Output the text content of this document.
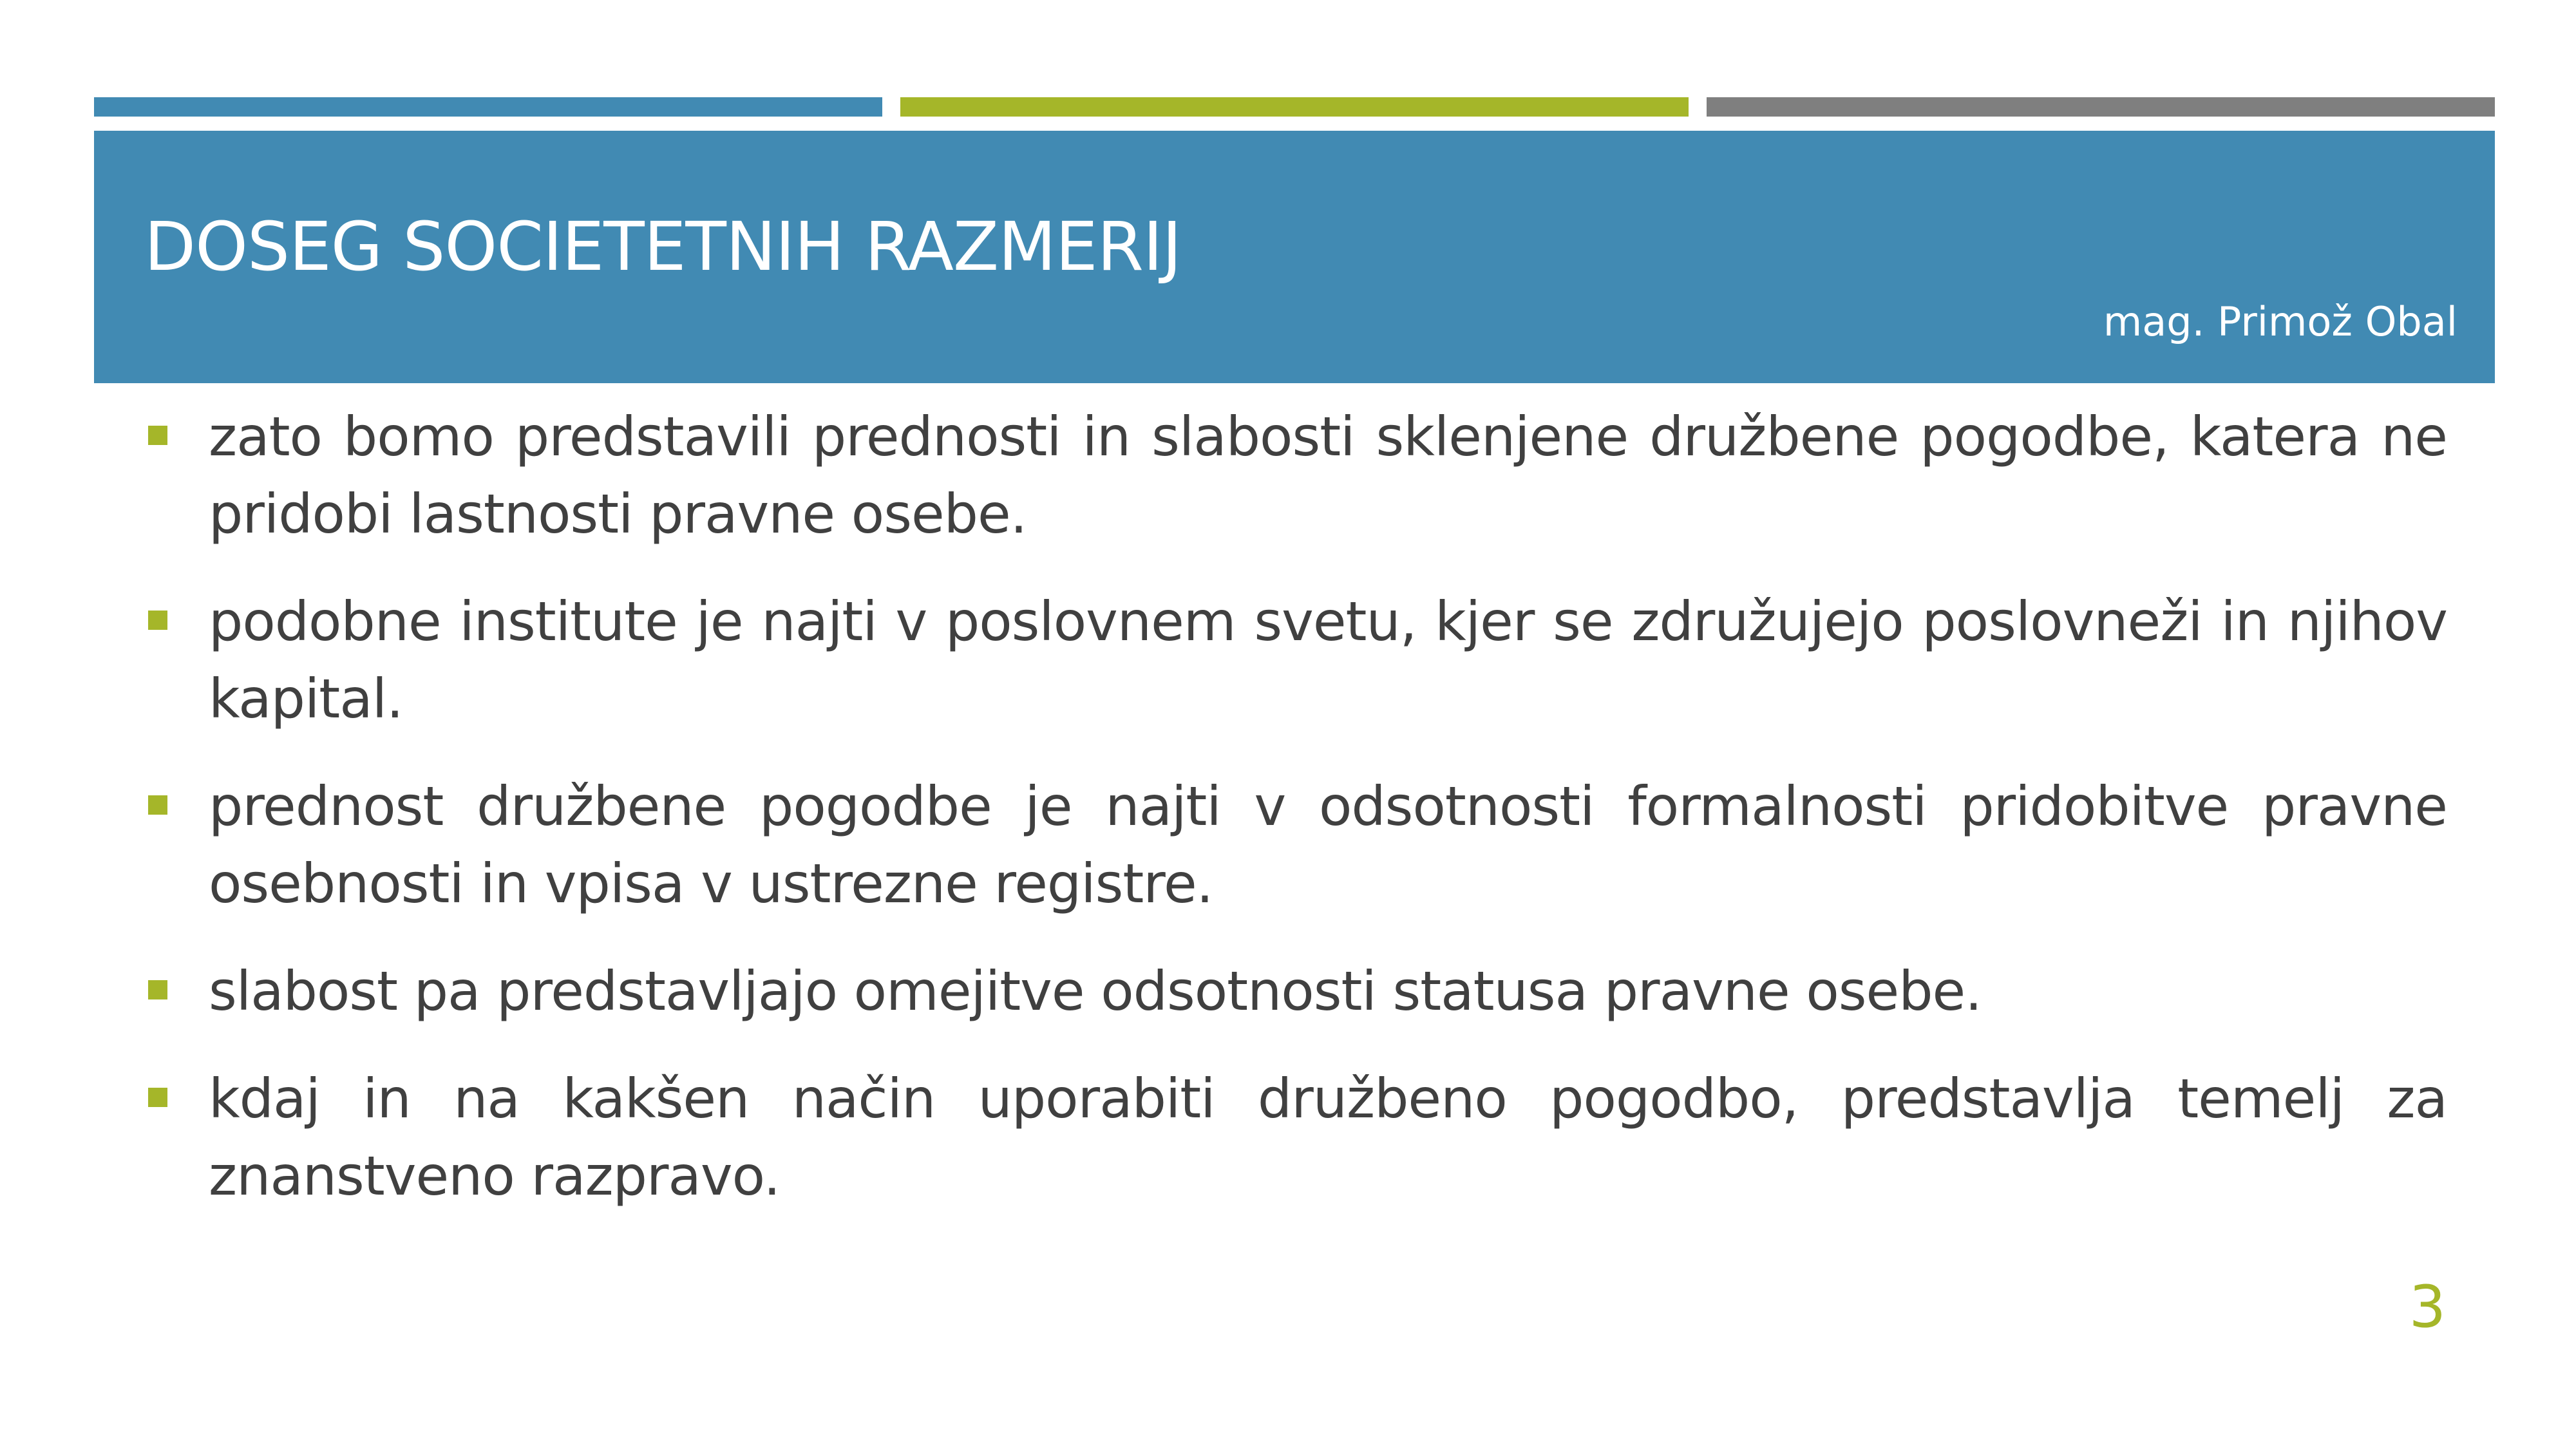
DOSEG SOCIETETNIH RAZMERIJ
mag. Primož Obal
zato bomo predstavili prednosti in slabosti sklenjene družbene pogodbe, katera ne pridobi lastnosti pravne osebe.
podobne institute je najti v poslovnem svetu, kjer se združujejo poslovneži in njihov kapital.
prednost družbene pogodbe je najti v odsotnosti formalnosti pridobitve pravne osebnosti in vpisa v ustrezne registre.
slabost pa predstavljajo omejitve odsotnosti statusa pravne osebe.
kdaj in na kakšen način uporabiti družbeno pogodbo, predstavlja temelj za znanstveno razpravo.
3
